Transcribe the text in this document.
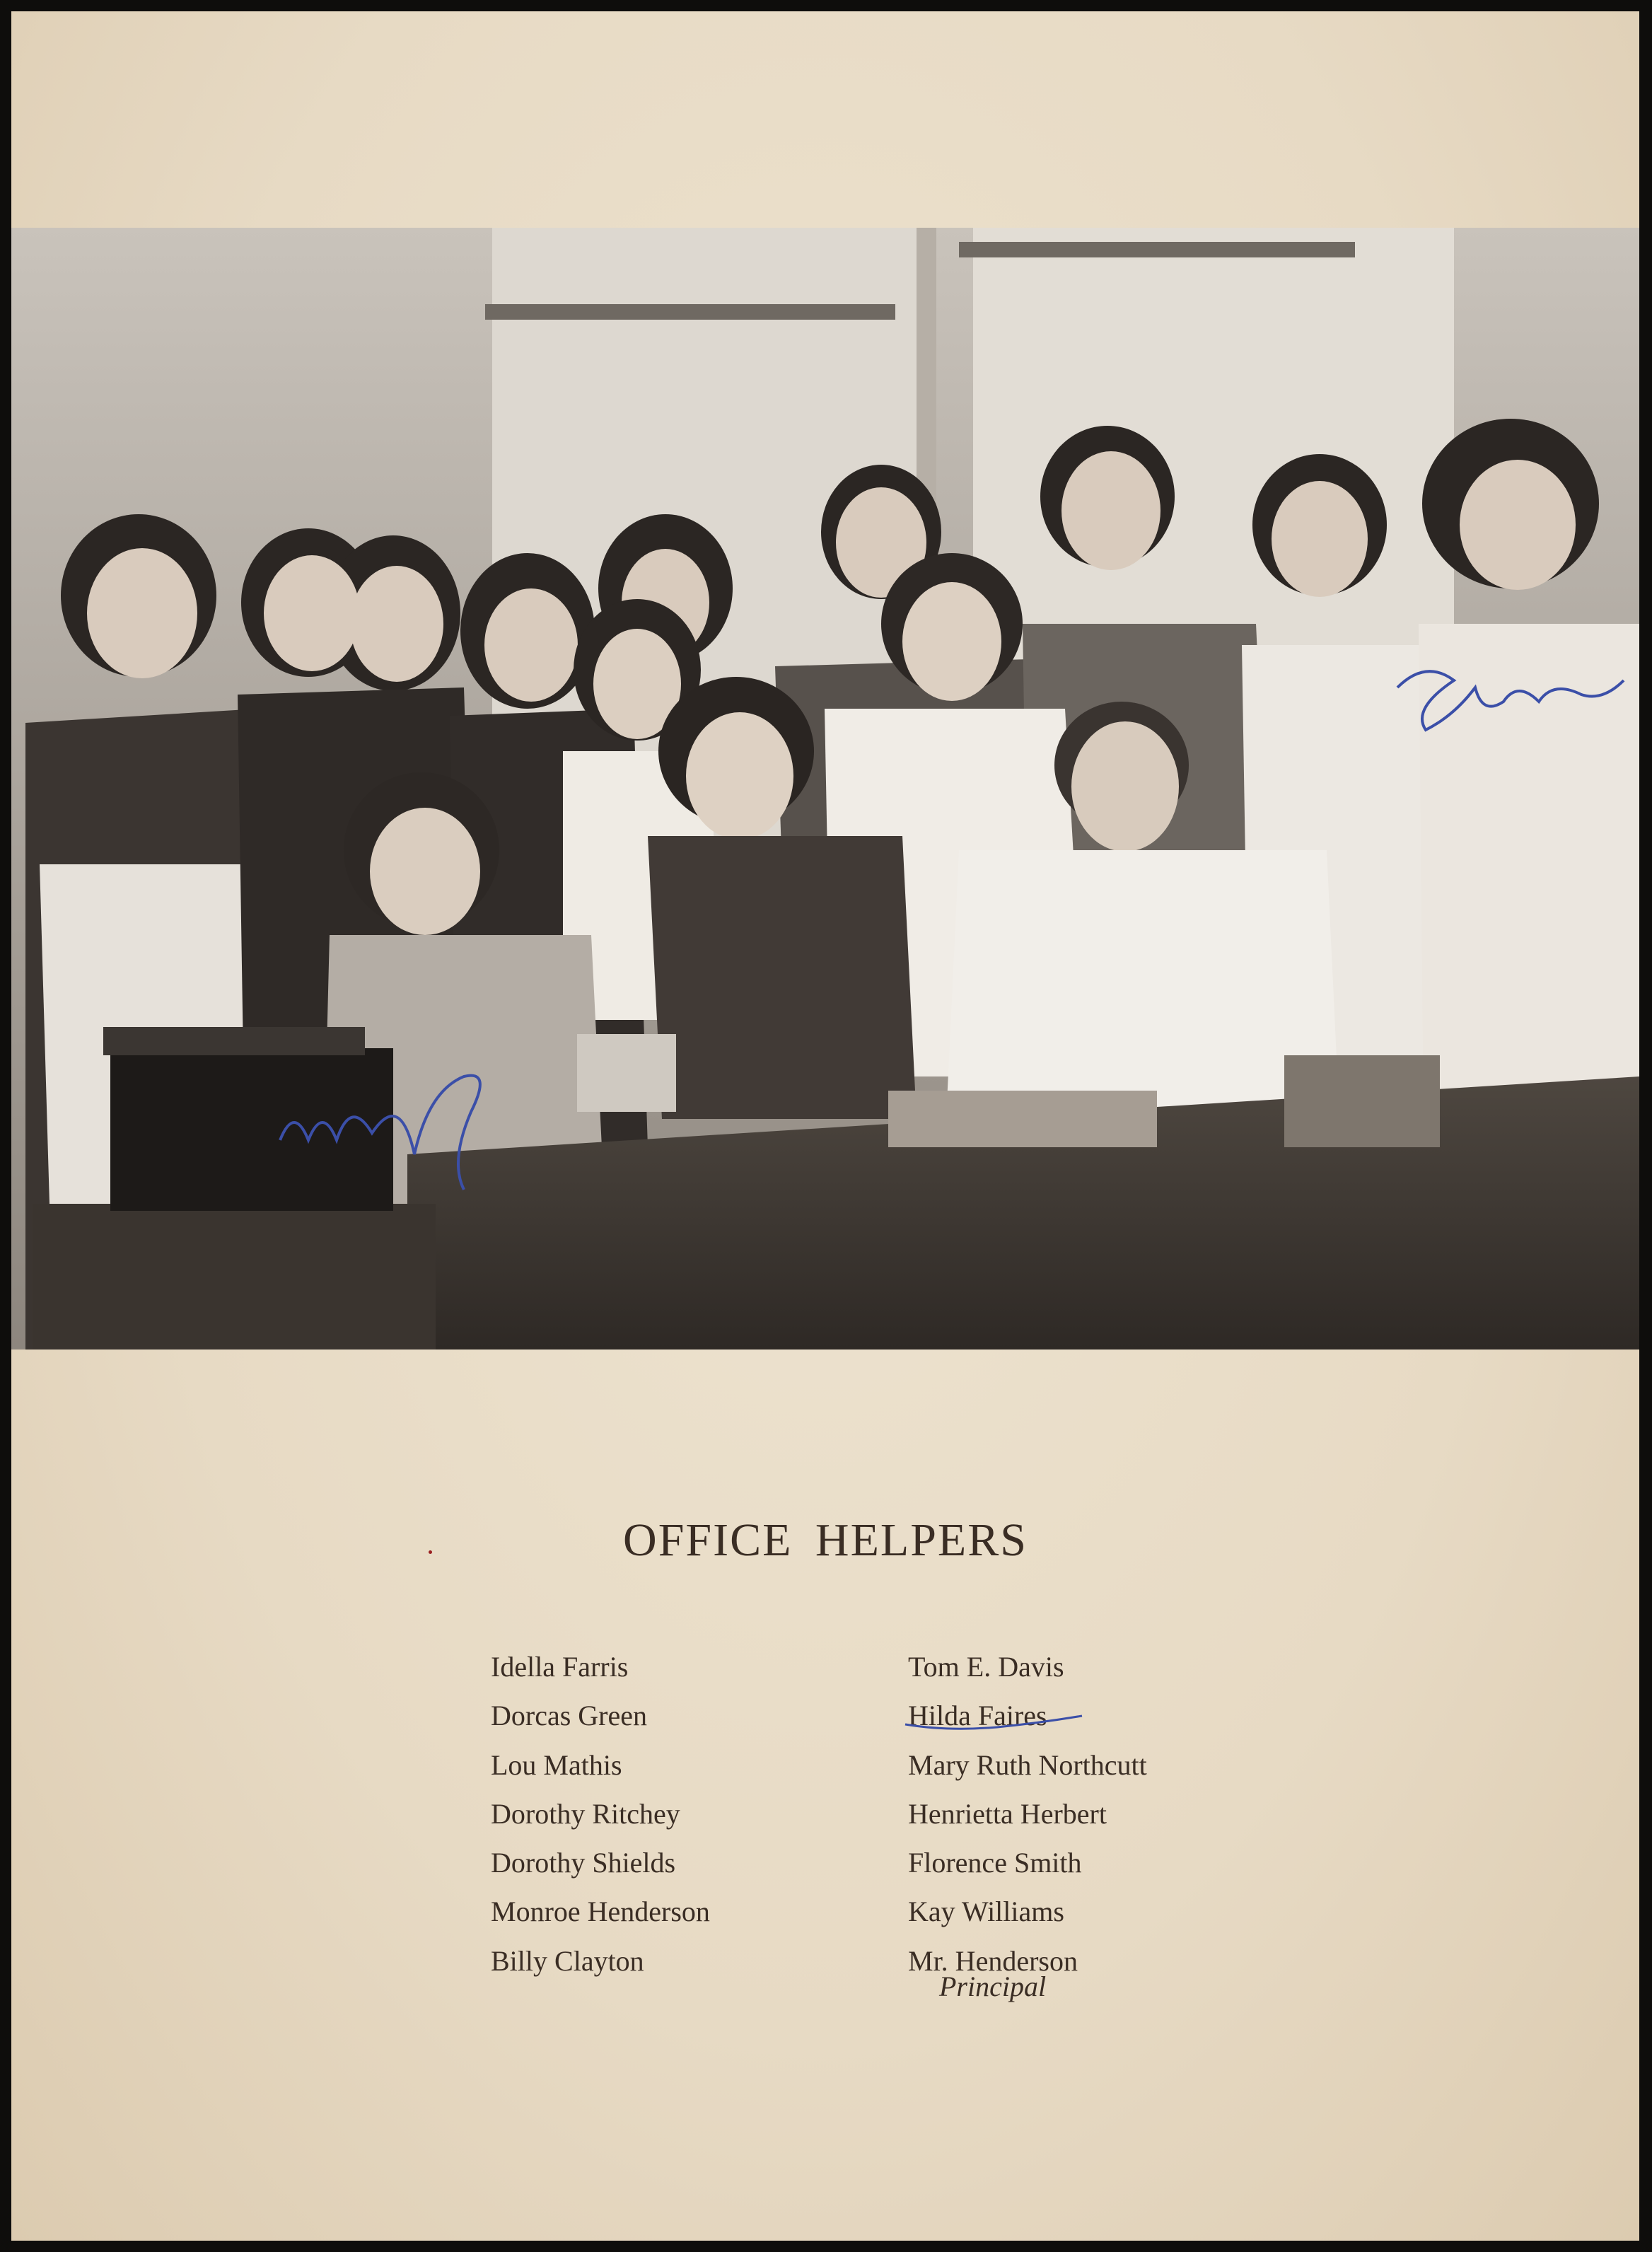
OFFICE HELPERS
Idella Farris
Dorcas Green
Lou Mathis
Dorothy Ritchey
Dorothy Shields
Monroe Henderson
Billy Clayton
Tom E. Davis
Hilda Faires
Mary Ruth Northcutt
Henrietta Herbert
Florence Smith
Kay Williams
Mr. Henderson
Principal
